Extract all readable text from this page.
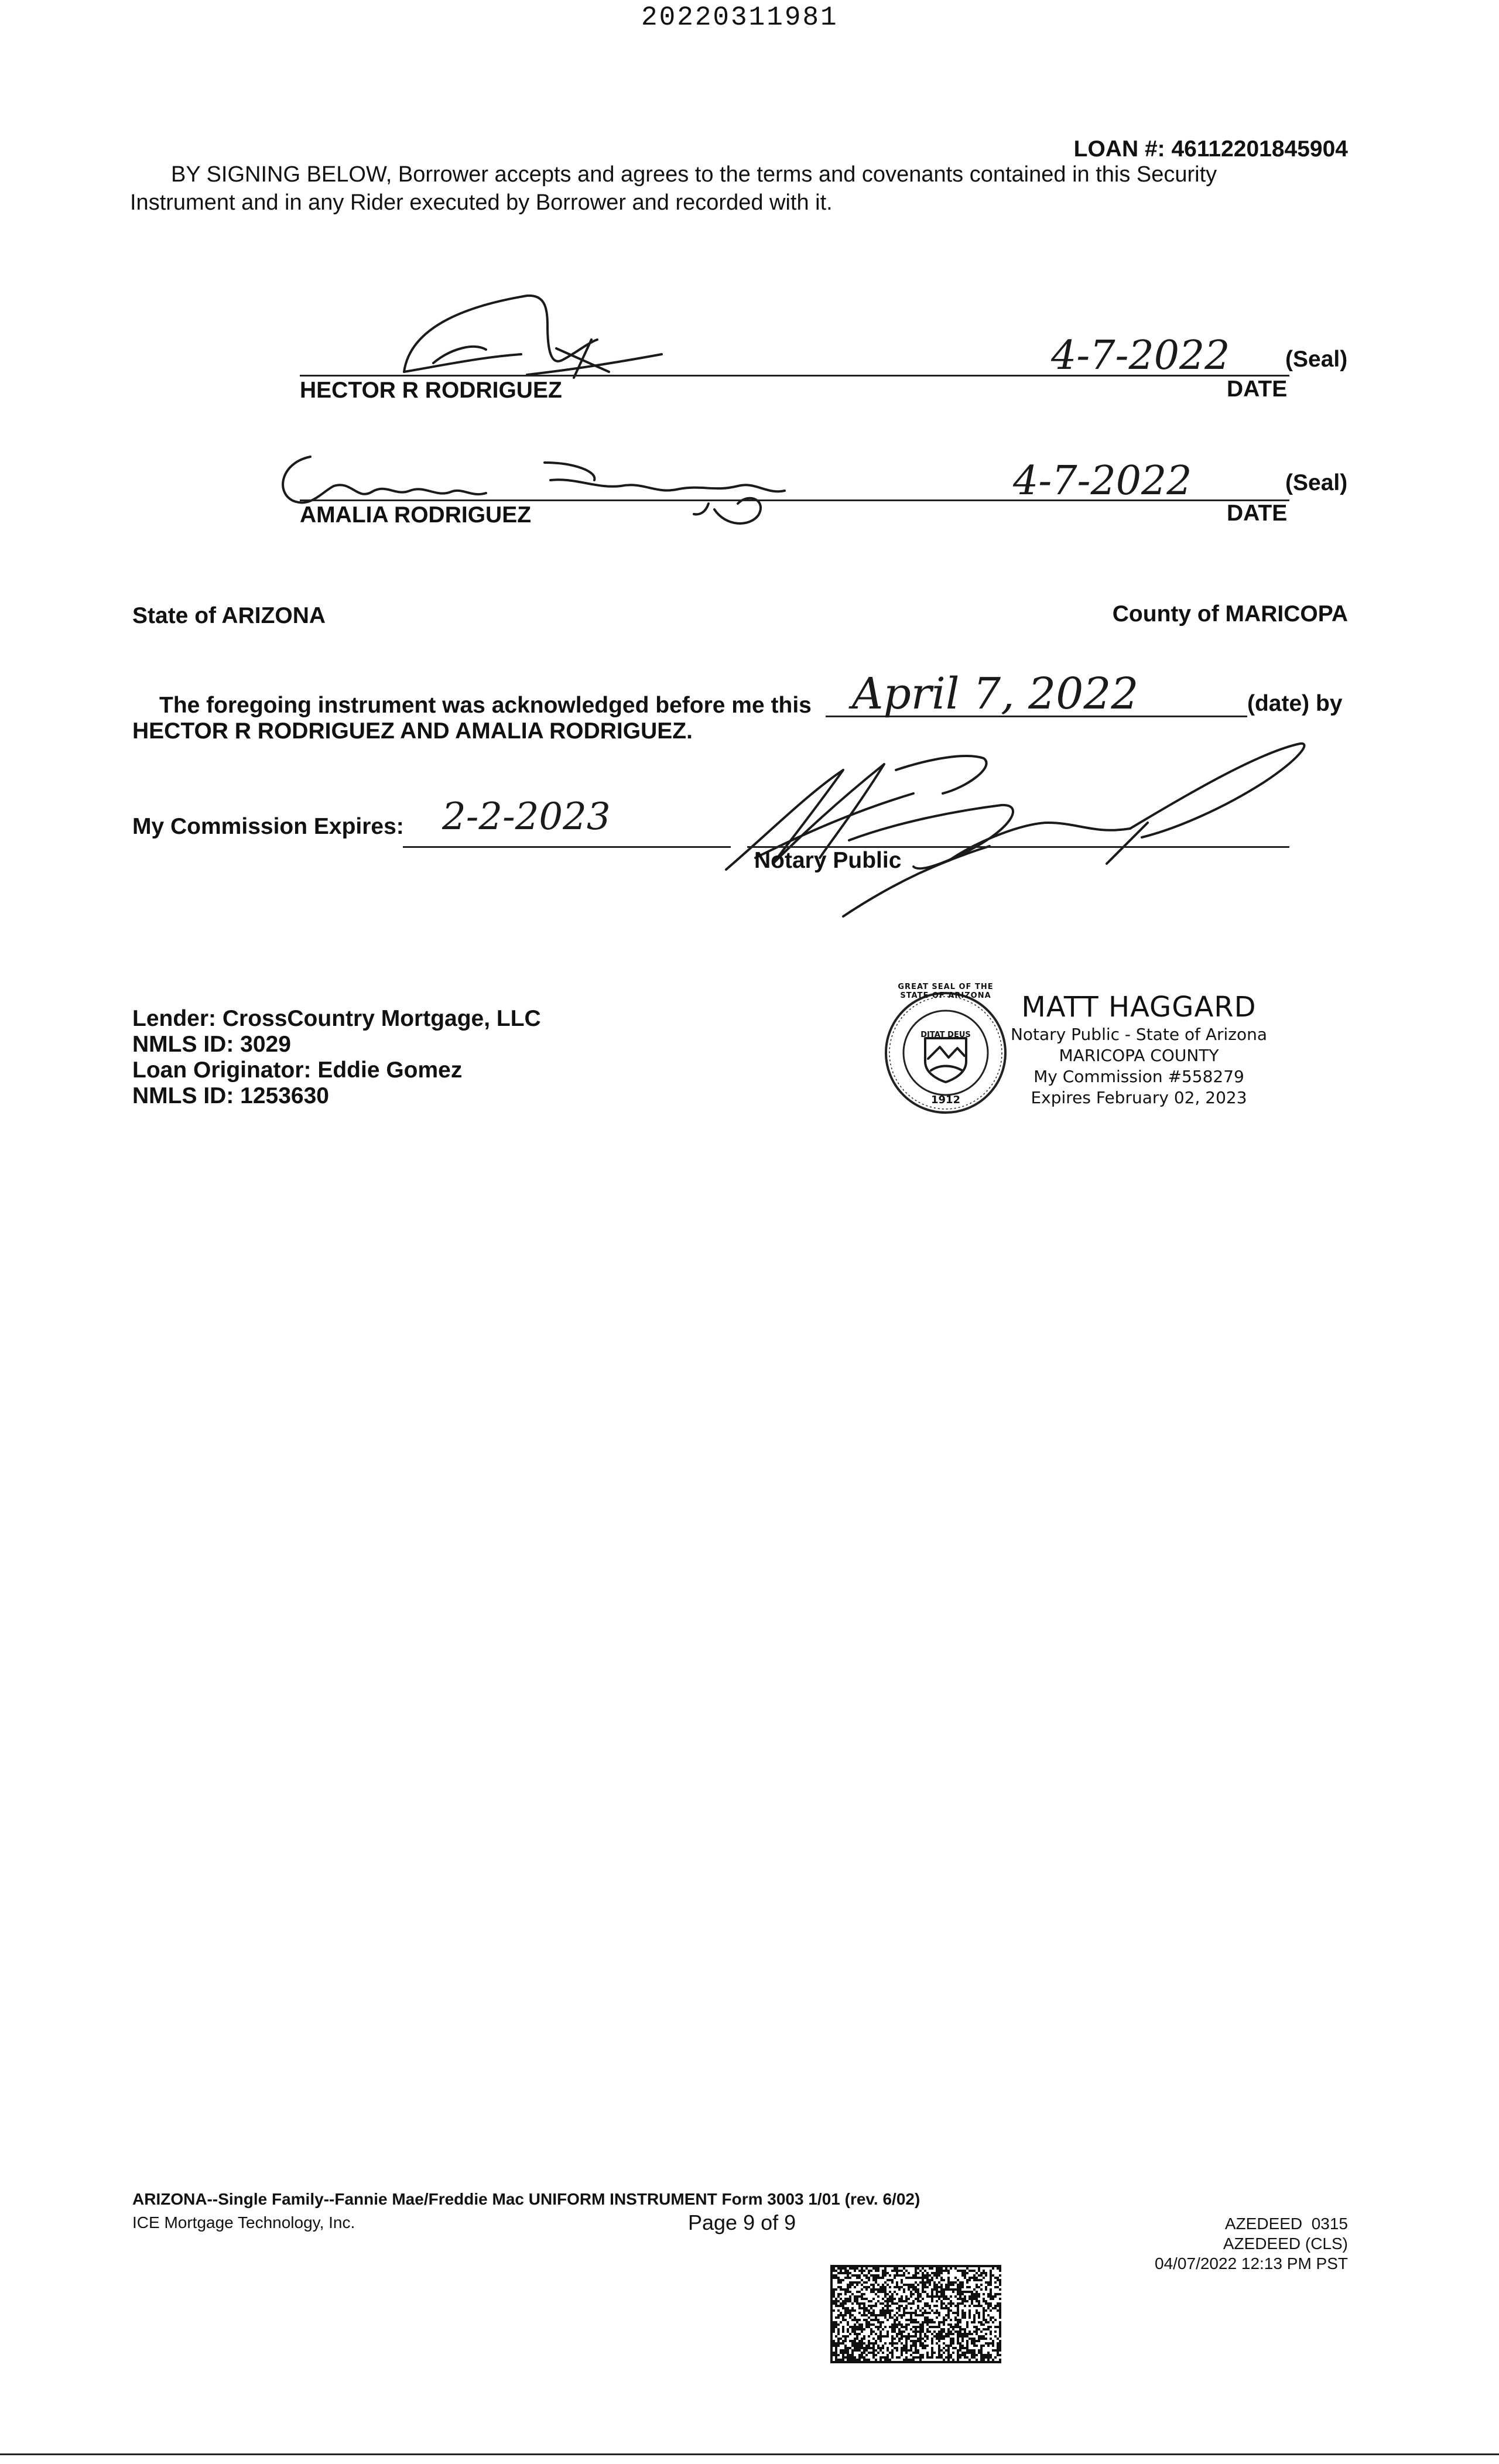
20220311981
LOAN #: 46112201845904
BY SIGNING BELOW, Borrower accepts and agrees to the terms and covenants contained in this Security
Instrument and in any Rider executed by Borrower and recorded with it.
HECTOR R RODRIGUEZ
4-7-2022 (Seal)
DATE
AMALIA RODRIGUEZ
4-7-2022	(Seal)
DATE
State of ARIZONA	County of MARICOPA
The foregoing instrument was acknowledged before me this April 7, 2022	(date) by
HECTOR R RODRIGUEZ AND AMALIA RODRIGUEZ.
My Commission Expires: 2-2-2023
Notary Public
Lender: CrossCountry Mortgage, LLC
NMLS ID: 3029
Loan Originator: Eddie Gomez
NMLS ID: 1253630
GREAT SEAL OF THE STATE OF ARIZONA
DITAT DEUS
1912
MATT HAGGARD
Notary Public - State of Arizona
MARICOPA COUNTY
My Commission #558279
Expires February 02, 2023
ARIZONA--Single Family--Fannie Mae/Freddie Mac UNIFORM INSTRUMENT Form 3003 1/01 (rev. 6/02)
ICE Mortgage Technology, Inc.	Page 9 of 9	AZEDEED  0315
AZEDEED (CLS)
04/07/2022 12:13 PM PST
